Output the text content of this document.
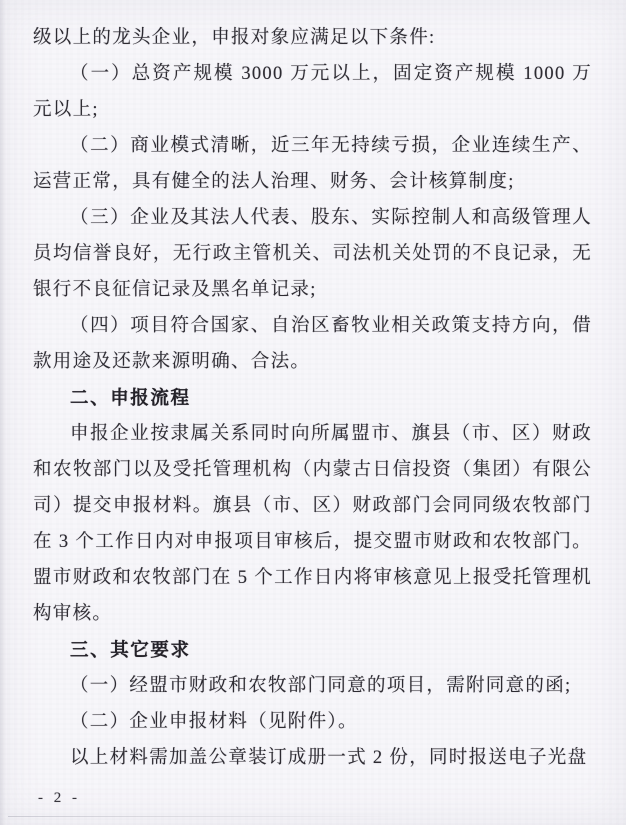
级以上的龙头企业，申报对象应满足以下条件:

（一）总资产规模 3000 万元以上，固定资产规模 1000 万元以上;

（二）商业模式清晰，近三年无持续亏损，企业连续生产、运营正常，具有健全的法人治理、财务、会计核算制度;

（三）企业及其法人代表、股东、实际控制人和高级管理人员均信誉良好，无行政主管机关、司法机关处罚的不良记录，无银行不良征信记录及黑名单记录;

（四）项目符合国家、自治区畜牧业相关政策支持方向，借款用途及还款来源明确、合法。

二、申报流程

申报企业按隶属关系同时向所属盟市、旗县（市、区）财政和农牧部门以及受托管理机构（内蒙古日信投资（集团）有限公司）提交申报材料。旗县（市、区）财政部门会同同级农牧部门在 3 个工作日内对申报项目审核后，提交盟市财政和农牧部门。盟市财政和农牧部门在 5 个工作日内将审核意见上报受托管理机构审核。

三、其它要求

（一）经盟市财政和农牧部门同意的项目，需附同意的函;

（二）企业申报材料（见附件）。

以上材料需加盖公章装订成册一式 2 份，同时报送电子光盘

- 2 -
